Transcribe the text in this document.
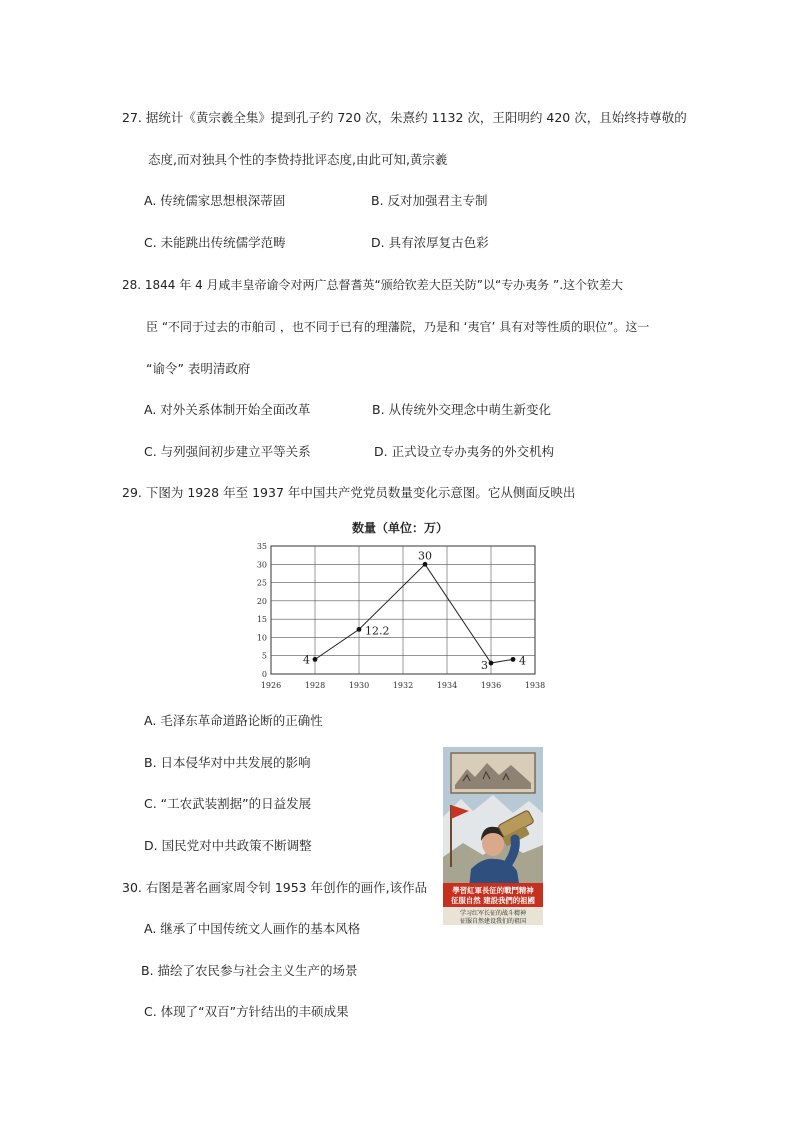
27. 据统计《黄宗羲全集》提到孔子约 720 次，朱熹约 1132 次，王阳明约 420 次，且始终持尊敬的
态度,而对独具个性的李贽持批评态度,由此可知,黄宗羲
A. 传统儒家思想根深蒂固	B. 反对加强君主专制
C. 未能跳出传统儒学范畴	D. 具有浓厚复古色彩
28. 1844 年 4 月咸丰皇帝谕令对两广总督耆英“颁给钦差大臣关防”以“专办夷务 ”.这个钦差大
臣 “不同于过去的市舶司 ，也不同于已有的理藩院，乃是和 ‘夷官’ 具有对等性质的职位”。这一
“谕令” 表明清政府
A. 对外关系体制开始全面改革	B. 从传统外交理念中萌生新变化
C. 与列强间初步建立平等关系	D. 正式设立专办夷务的外交机构
29. 下图为 1928 年至 1937 年中国共产党党员数量变化示意图。它从侧面反映出
数量（单位：万）
0
5
10
15
20
25
30
35
1926	1928	1930	1932	1934	1936	1938
4
12.2
30
3	4
A. 毛泽东革命道路论断的正确性
B. 日本侵华对中共发展的影响
C. “工农武装割据”的日益发展
D. 国民党对中共政策不断调整
30. 右图是著名画家周令钊 1953 年创作的画作,该作品
A. 继承了中国传统文人画作的基本风格
B. 描绘了农民参与社会主义生产的场景
C. 体现了“双百”方针结出的丰硕成果
學習紅軍長征的戰鬥精神
征服自然 建設我們的祖國
学习红军长征的战斗精神
征服自然建设我们的祖国
